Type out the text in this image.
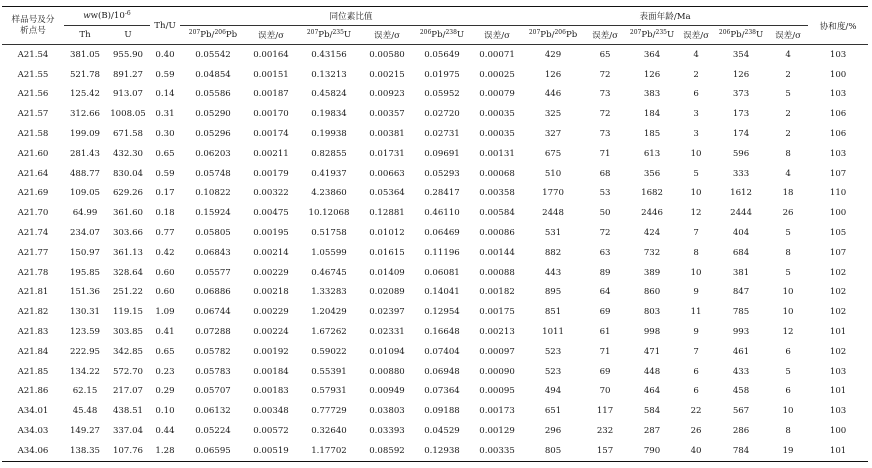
样品号及分
析点号	$ww(B)/10^{-6}$		Th/U	同位素比值						表面年龄/Ma						协和度/%
	Th	U		$^{207}$Pb/$^{206}$Pb	误差/σ	$^{207}$Pb/$^{235}$U	误差/σ	$^{206}$Pb/$^{238}$U	误差/σ	$^{207}$Pb/$^{206}$Pb	误差/σ	$^{207}$Pb/$^{235}$U	误差/σ	$^{206}$Pb/$^{238}$U	误差/σ	
A21.54	381.05	955.90	0.40	0.05542	0.00164	0.43156	0.00580	0.05649	0.00071	429	65	364	4	354	4	103
A21.55	521.78	891.27	0.59	0.04854	0.00151	0.13213	0.00215	0.01975	0.00025	126	72	126	2	126	2	100
A21.56	125.42	913.07	0.14	0.05586	0.00187	0.45824	0.00923	0.05952	0.00079	446	73	383	6	373	5	103
A21.57	312.66	1008.05	0.31	0.05290	0.00170	0.19834	0.00357	0.02720	0.00035	325	72	184	3	173	2	106
A21.58	199.09	671.58	0.30	0.05296	0.00174	0.19938	0.00381	0.02731	0.00035	327	73	185	3	174	2	106
A21.60	281.43	432.30	0.65	0.06203	0.00211	0.82855	0.01731	0.09691	0.00131	675	71	613	10	596	8	103
A21.64	488.77	830.04	0.59	0.05748	0.00179	0.41937	0.00663	0.05293	0.00068	510	68	356	5	333	4	107
A21.69	109.05	629.26	0.17	0.10822	0.00322	4.23860	0.05364	0.28417	0.00358	1770	53	1682	10	1612	18	110
A21.70	64.99	361.60	0.18	0.15924	0.00475	10.12068	0.12881	0.46110	0.00584	2448	50	2446	12	2444	26	100
A21.74	234.07	303.66	0.77	0.05805	0.00195	0.51758	0.01012	0.06469	0.00086	531	72	424	7	404	5	105
A21.77	150.97	361.13	0.42	0.06843	0.00214	1.05599	0.01615	0.11196	0.00144	882	63	732	8	684	8	107
A21.78	195.85	328.64	0.60	0.05577	0.00229	0.46745	0.01409	0.06081	0.00088	443	89	389	10	381	5	102
A21.81	151.36	251.22	0.60	0.06886	0.00218	1.33283	0.02089	0.14041	0.00182	895	64	860	9	847	10	102
A21.82	130.31	119.15	1.09	0.06744	0.00229	1.20429	0.02397	0.12954	0.00175	851	69	803	11	785	10	102
A21.83	123.59	303.85	0.41	0.07288	0.00224	1.67262	0.02331	0.16648	0.00213	1011	61	998	9	993	12	101
A21.84	222.95	342.85	0.65	0.05782	0.00192	0.59022	0.01094	0.07404	0.00097	523	71	471	7	461	6	102
A21.85	134.22	572.70	0.23	0.05783	0.00184	0.55391	0.00880	0.06948	0.00090	523	69	448	6	433	5	103
A21.86	62.15	217.07	0.29	0.05707	0.00183	0.57931	0.00949	0.07364	0.00095	494	70	464	6	458	6	101
A34.01	45.48	438.51	0.10	0.06132	0.00348	0.77729	0.03803	0.09188	0.00173	651	117	584	22	567	10	103
A34.03	149.27	337.04	0.44	0.05224	0.00572	0.32640	0.03393	0.04529	0.00129	296	232	287	26	286	8	100
A34.06	138.35	107.76	1.28	0.06595	0.00519	1.17702	0.08592	0.12938	0.00335	805	157	790	40	784	19	101
